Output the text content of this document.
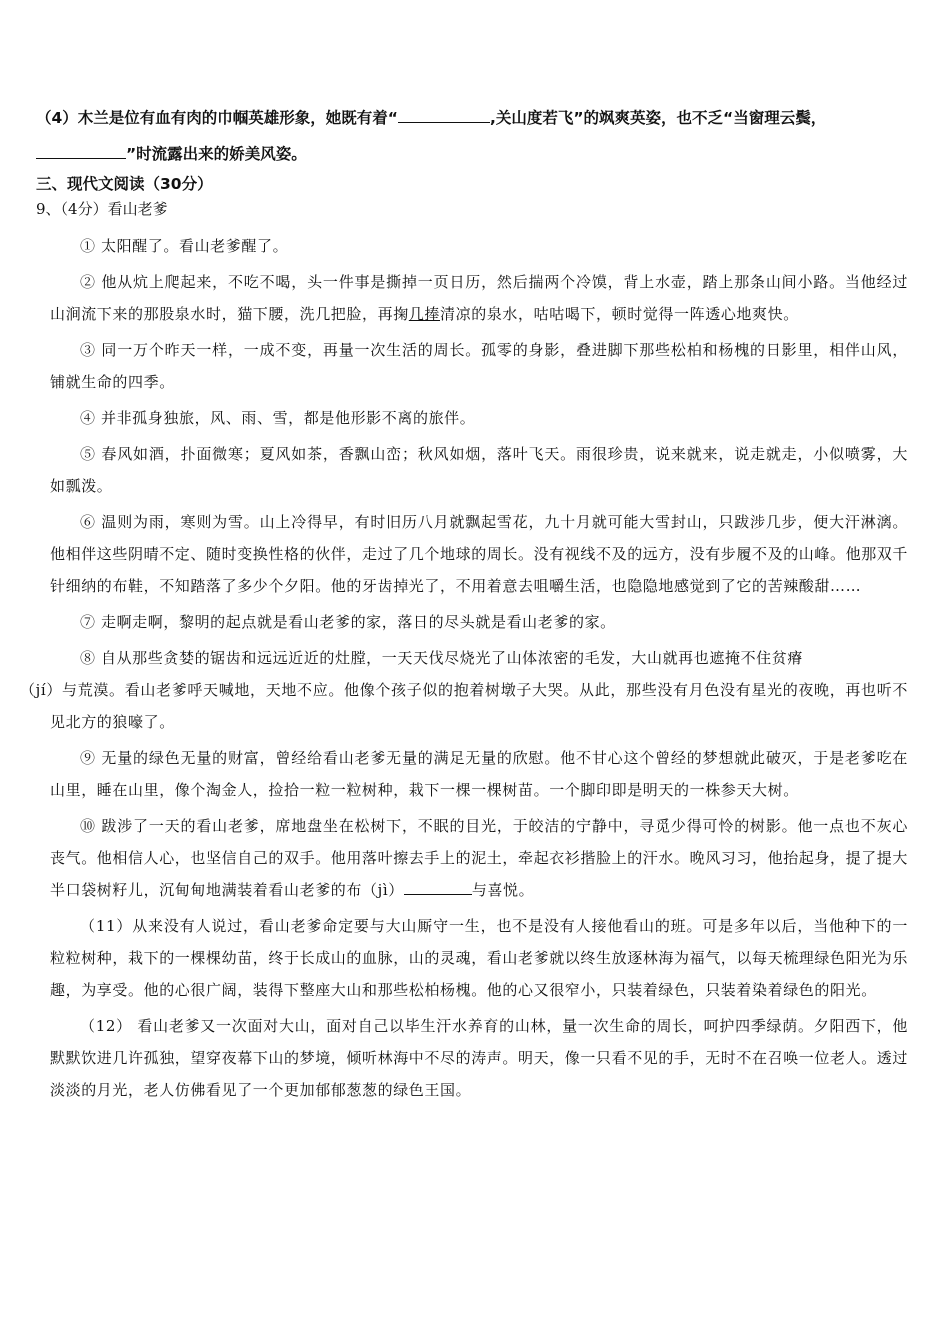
（4）木兰是位有血有肉的巾帼英雄形象，她既有着“	,关山度若飞”的飒爽英姿，也不乏“当窗理云鬓，
”时流露出来的娇美风姿。
三、现代文阅读（30分）
9、（4分）看山老爹

① 太阳醒了。看山老爹醒了。

② 他从炕上爬起来，不吃不喝，头一件事是撕掉一页日历，然后揣两个冷馍，背上水壶，踏上那条山间小路。当他经过山涧流下来的那股泉水时，猫下腰，洗几把脸，再掬几捧清凉的泉水，咕咕喝下，顿时觉得一阵透心地爽快。

③ 同一万个昨天一样，一成不变，再量一次生活的周长。孤零的身影，叠进脚下那些松柏和杨槐的日影里，相伴山风，铺就生命的四季。

④ 并非孤身独旅，风、雨、雪，都是他形影不离的旅伴。

⑤ 春风如酒，扑面微寒；夏风如茶，香飘山峦；秋风如烟，落叶飞天。雨很珍贵，说来就来，说走就走，小似喷雾，大如瓢泼。

⑥ 温则为雨，寒则为雪。山上冷得早，有时旧历八月就飘起雪花，九十月就可能大雪封山，只跋涉几步，便大汗淋漓。他相伴这些阴晴不定、随时变换性格的伙伴，走过了几个地球的周长。没有视线不及的远方，没有步履不及的山峰。他那双千针细纳的布鞋，不知踏落了多少个夕阳。他的牙齿掉光了，不用着意去咀嚼生活，也隐隐地感觉到了它的苦辣酸甜……

⑦ 走啊走啊，黎明的起点就是看山老爹的家，落日的尽头就是看山老爹的家。

⑧ 自从那些贪婪的锯齿和远远近近的灶膛，一天天伐尽烧光了山体浓密的毛发，大山就再也遮掩不住贫瘠
（jí）与荒漠。看山老爹呼天喊地，天地不应。他像个孩子似的抱着树墩子大哭。从此，那些没有月色没有星光的夜晚，再也听不见北方的狼嚎了。

⑨ 无量的绿色无量的财富，曾经给看山老爹无量的满足无量的欣慰。他不甘心这个曾经的梦想就此破灭，于是老爹吃在山里，睡在山里，像个淘金人，捡拾一粒一粒树种，栽下一棵一棵树苗。一个脚印即是明天的一株参天大树。

⑩ 跋涉了一天的看山老爹，席地盘坐在松树下，不眠的目光，于皎洁的宁静中，寻觅少得可怜的树影。他一点也不灰心丧气。他相信人心，也坚信自己的双手。他用落叶擦去手上的泥土，牵起衣衫揩脸上的汗水。晚风习习，他抬起身，提了提大半口袋树籽儿，沉甸甸地满装着看山老爹的布（jì）	与喜悦。

（11）从来没有人说过，看山老爹命定要与大山厮守一生，也不是没有人接他看山的班。可是多年以后，当他种下的一粒粒树种，栽下的一棵棵幼苗，终于长成山的血脉，山的灵魂，看山老爹就以终生放逐林海为福气，以每天梳理绿色阳光为乐趣，为享受。他的心很广阔，装得下整座大山和那些松柏杨槐。他的心又很窄小，只装着绿色，只装着染着绿色的阳光。

（12） 看山老爹又一次面对大山，面对自己以毕生汗水养育的山林，量一次生命的周长，呵护四季绿荫。夕阳西下，他默默饮进几许孤独，望穿夜幕下山的梦境，倾听林海中不尽的涛声。明天，像一只看不见的手，无时不在召唤一位老人。透过淡淡的月光，老人仿佛看见了一个更加郁郁葱葱的绿色王国。
